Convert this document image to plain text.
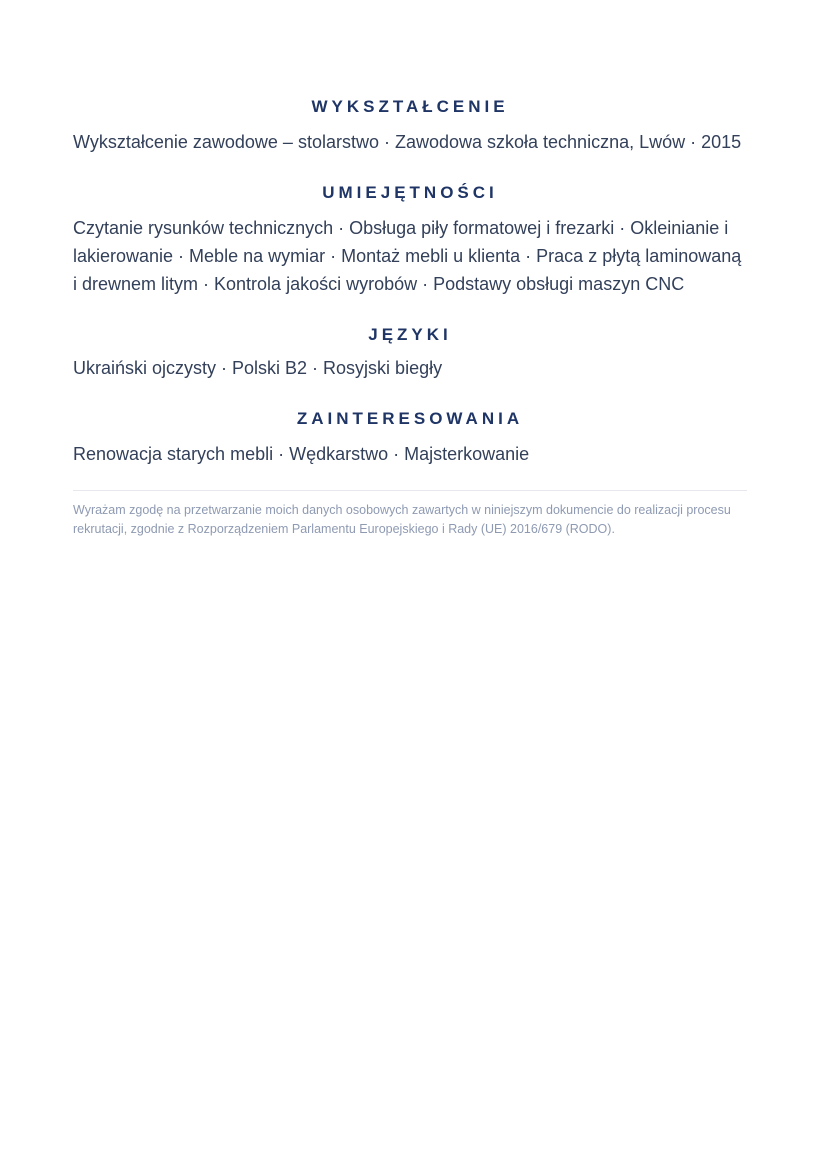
WYKSZTAŁCENIE

Wykształcenie zawodowe – stolarstwo · Zawodowa szkoła techniczna, Lwów · 2015

UMIEJĘTNOŚCI

Czytanie rysunków technicznych · Obsługa piły formatowej i frezarki · Okleinianie i lakierowanie · Meble na wymiar · Montaż mebli u klienta · Praca z płytą laminowaną i drewnem litym · Kontrola jakości wyrobów · Podstawy obsługi maszyn CNC

JĘZYKI

Ukraiński ojczysty · Polski B2 · Rosyjski biegły

ZAINTERESOWANIA

Renowacja starych mebli · Wędkarstwo · Majsterkowanie

Wyrażam zgodę na przetwarzanie moich danych osobowych zawartych w niniejszym dokumencie do realizacji procesu rekrutacji, zgodnie z Rozporządzeniem Parlamentu Europejskiego i Rady (UE) 2016/679 (RODO).
